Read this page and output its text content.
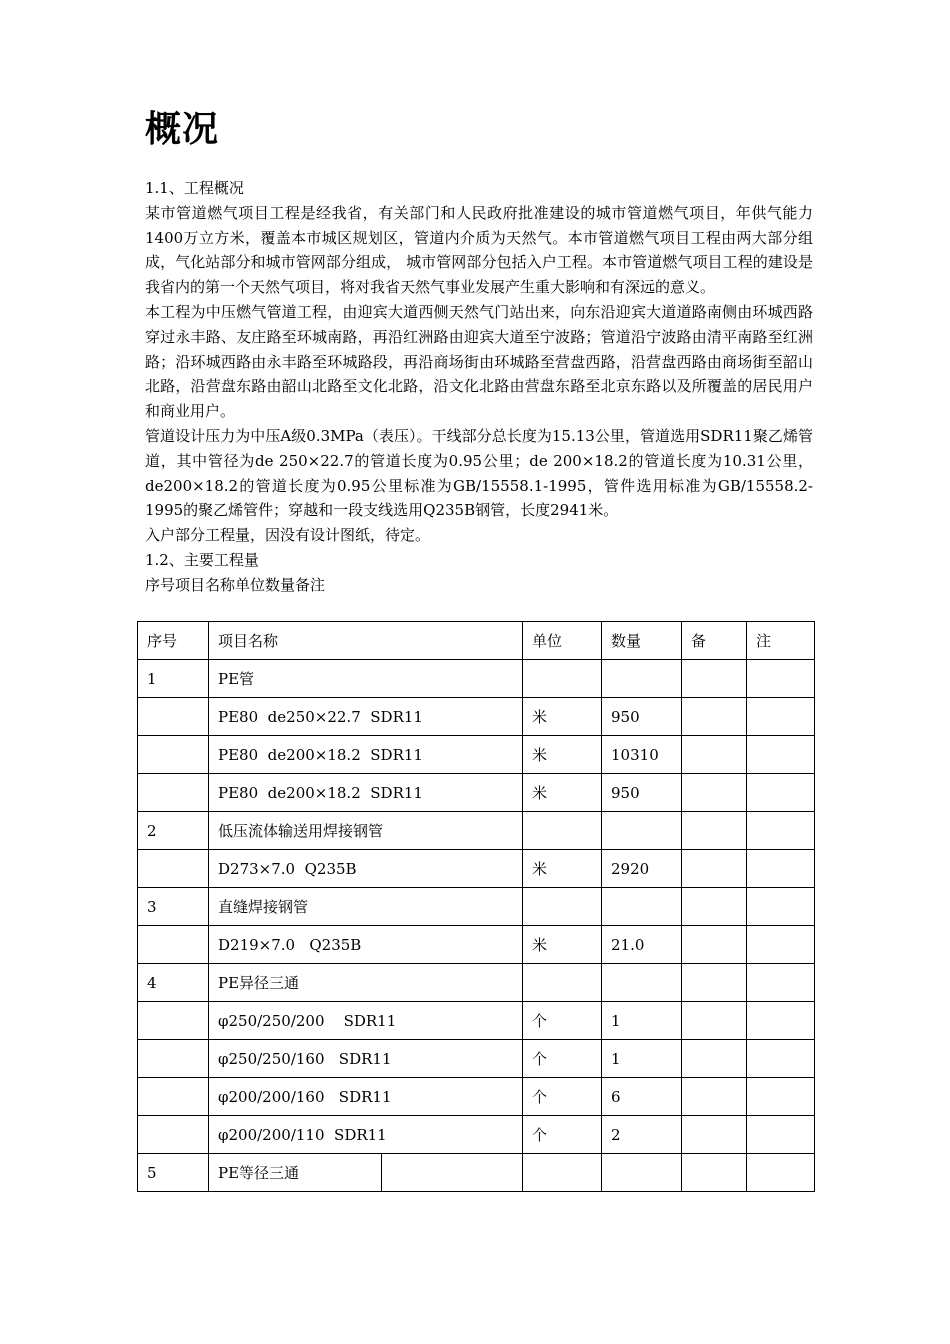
概况

1.1、工程概况

某市管道燃气项目工程是经我省，有关部门和人民政府批准建设的城市管道燃气项目，年供气能力1400万立方米，覆盖本市城区规划区，管道内介质为天然气。本市管道燃气项目工程由两大部分组成，气化站部分和城市管网部分组成， 城市管网部分包括入户工程。本市管道燃气项目工程的建设是我省内的第一个天然气项目，将对我省天然气事业发展产生重大影响和有深远的意义。

本工程为中压燃气管道工程，由迎宾大道西侧天然气门站出来，向东沿迎宾大道道路南侧由环城西路穿过永丰路、友庄路至环城南路，再沿红洲路由迎宾大道至宁波路；管道沿宁波路由清平南路至红洲路；沿环城西路由永丰路至环城路段，再沿商场街由环城路至营盘西路，沿营盘西路由商场街至韶山北路，沿营盘东路由韶山北路至文化北路，沿文化北路由营盘东路至北京东路以及所覆盖的居民用户和商业用户。

管道设计压力为中压A级0.3MPa（表压）。干线部分总长度为15.13公里，管道选用SDR11聚乙烯管道，其中管径为de 250×22.7的管道长度为0.95公里；de 200×18.2的管道长度为10.31公里，de200×18.2的管道长度为0.95公里标准为GB/15558.1-1995，管件选用标准为GB/15558.2-1995的聚乙烯管件；穿越和一段支线选用Q235B钢管，长度2941米。

入户部分工程量，因没有设计图纸，待定。

1.2、主要工程量

序号项目名称单位数量备注

序号	项目名称		单位	数量	备	注
1	PE管					
	PE80  de250×22.7  SDR11		米	950		
	PE80  de200×18.2  SDR11		米	10310		
	PE80  de200×18.2  SDR11		米	950		
2	低压流体输送用焊接钢管					
	D273×7.0  Q235B		米	2920		
3	直缝焊接钢管					
	D219×7.0   Q235B		米	21.0		
4	PE异径三通					
	φ250/250/200    SDR11		个	1		
	φ250/250/160   SDR11		个	1		
	φ200/200/160   SDR11		个	6		
	φ200/200/110  SDR11		个	2		
5	PE等径三通					
